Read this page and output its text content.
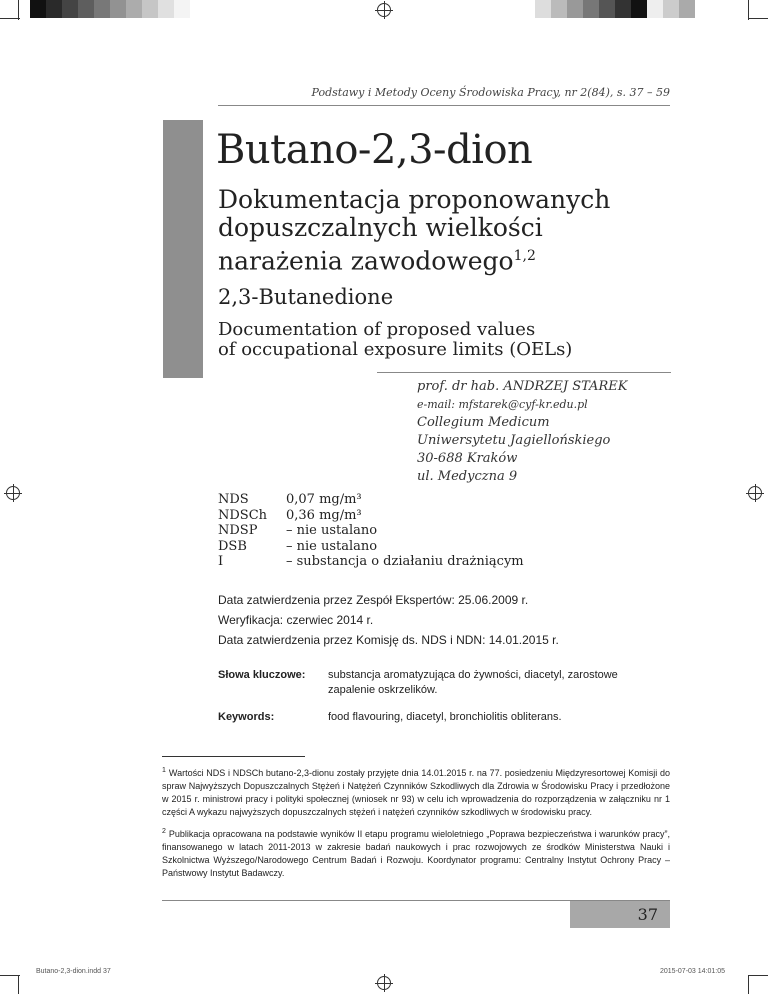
Podstawy i Metody Oceny Środowiska Pracy, nr 2(84), s. 37 – 59
Butano-2,3-dion
Dokumentacja proponowanych
dopuszczalnych wielkości
narażenia zawodowego$^{1,2}$
2,3-Butanedione
Documentation of proposed values
of occupational exposure limits (OELs)
prof. dr hab. ANDRZEJ STAREK
e-mail: mfstarek@cyf-kr.edu.pl
Collegium Medicum
Uniwersytetu Jagiellońskiego
30-688 Kraków
ul. Medyczna 9
NDS	0,07 mg/m³
NDSCh	0,36 mg/m³
NDSP	– nie ustalano
DSB	– nie ustalano
I	– substancja o działaniu drażniącym
Data zatwierdzenia przez Zespół Ekspertów: 25.06.2009 r.
Weryfikacja: czerwiec 2014 r.
Data zatwierdzenia przez Komisję ds. NDS i NDN: 14.01.2015 r.
Słowa kluczowe:	substancja aromatyzująca do żywności, diacetyl, zarostowe zapalenie oskrzelików.
Keywords:	food flavouring, diacetyl, bronchiolitis obliterans.
$^1$ Wartości NDS i NDSCh butano-2,3-dionu zostały przyjęte dnia 14.01.2015 r. na 77. posiedzeniu Międzyresortowej Komisji do spraw Najwyższych Dopuszczalnych Stężeń i Natężeń Czynników Szkodliwych dla Zdrowia w Środowisku Pracy i przedłożone w 2015 r. ministrowi pracy i polityki społecznej (wniosek nr 93) w celu ich wprowadzenia do rozporządzenia w załączniku nr 1 części A wykazu najwyższych dopuszczalnych stężeń i natężeń czynników szkodliwych w środowisku pracy.
$^2$ Publikacja opracowana na podstawie wyników II etapu programu wieloletniego „Poprawa bezpieczeństwa i warunków pracy”, finansowanego w latach 2011-2013 w zakresie badań naukowych i prac rozwojowych ze środków Ministerstwa Nauki i Szkolnictwa Wyższego/Narodowego Centrum Badań i Rozwoju. Koordynator programu: Centralny Instytut Ochrony Pracy – Państwowy Instytut Badawczy.
37
Butano-2,3-dion.indd 37	2015-07-03 14:01:05
